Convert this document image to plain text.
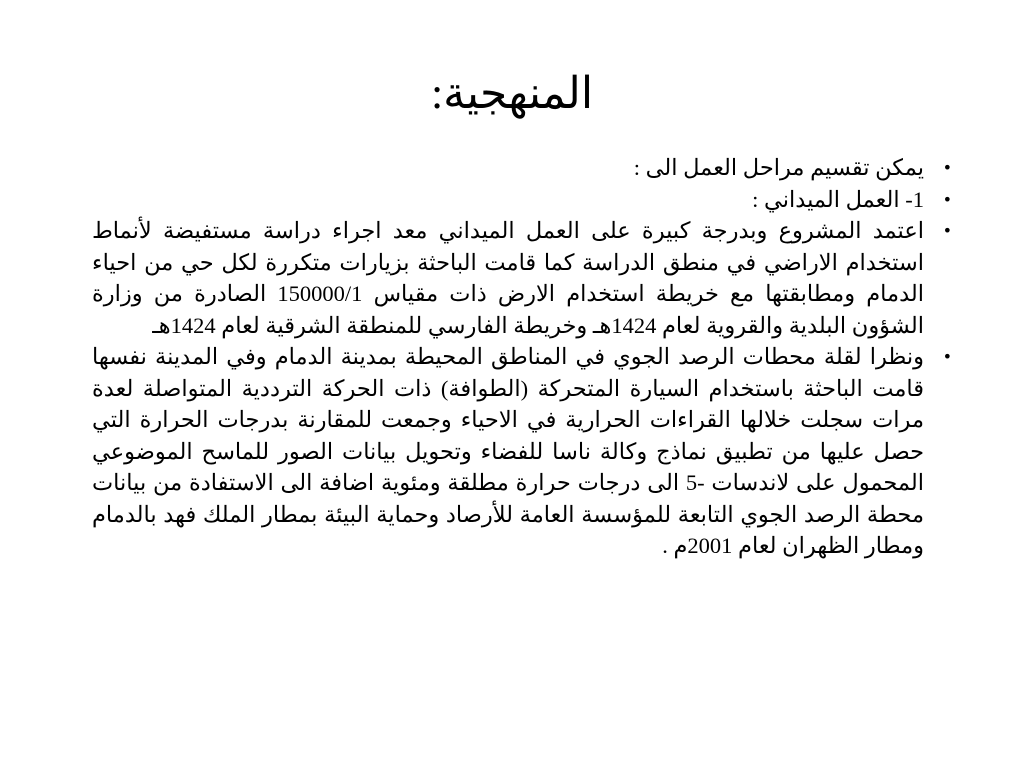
المنهجية:
•
يمكن تقسيم مراحل العمل الى :
•
1- العمل الميداني :
•
اعتمد المشروع وبدرجة كبيرة على العمل الميداني معد اجراء دراسة مستفيضة لأنماط استخدام الاراضي في منطق الدراسة كما قامت الباحثة بزيارات متكررة لكل حي من احياء الدمام ومطابقتها مع خريطة استخدام الارض ذات مقياس 150000/1 الصادرة من وزارة الشؤون البلدية والقروية لعام 1424هـ وخريطة الفارسي للمنطقة الشرقية لعام 1424هـ
•
ونظرا لقلة محطات الرصد الجوي في المناطق المحيطة بمدينة الدمام وفي المدينة نفسها قامت الباحثة باستخدام السيارة المتحركة (الطوافة) ذات الحركة الترددية المتواصلة لعدة مرات سجلت خلالها القراءات الحرارية في الاحياء وجمعت للمقارنة بدرجات الحرارة التي حصل عليها من تطبيق نماذج وكالة ناسا للفضاء وتحويل بيانات الصور للماسح الموضوعي المحمول على لاندسات -5 الى درجات حرارة مطلقة ومئوية اضافة الى الاستفادة من بيانات محطة الرصد الجوي التابعة للمؤسسة العامة للأرصاد وحماية البيئة بمطار الملك فهد بالدمام ومطار الظهران لعام 2001م .
